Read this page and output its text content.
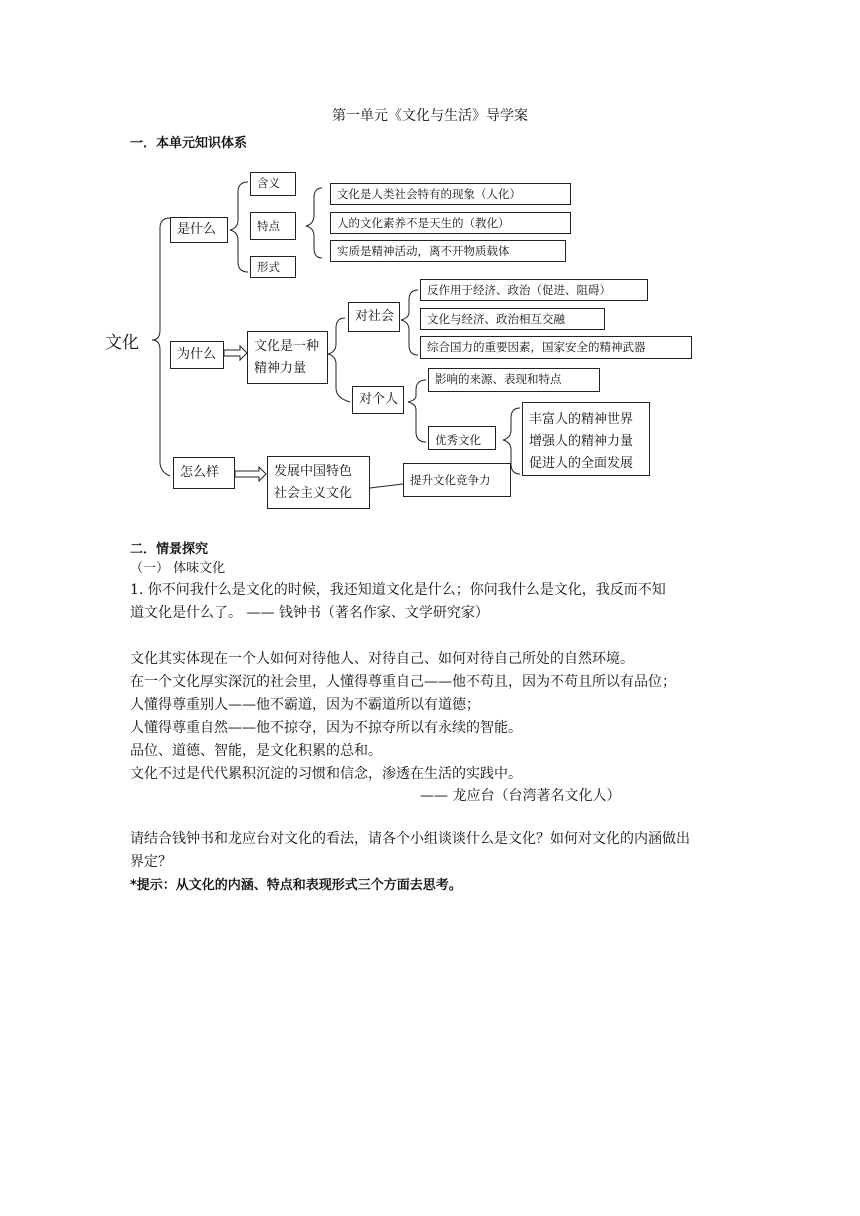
第一单元《文化与生活》导学案
一．本单元知识体系
文化
是什么
含义
特点
形式
文化是人类社会特有的现象（人化）
人的文化素养不是天生的（教化）
实质是精神活动，离不开物质载体
为什么
文化是一种
精神力量
对社会
反作用于经济、政治（促进、阻碍）
文化与经济、政治相互交融
综合国力的重要因素，国家安全的精神武器
对个人
影响的来源、表现和特点
优秀文化
丰富人的精神世界
增强人的精神力量
促进人的全面发展
怎么样	发展中国特色
社会主义文化
提升文化竞争力
二．情景探究
（一） 体味文化
1. 你不问我什么是文化的时候，我还知道文化是什么；你问我什么是文化，我反而不知
道文化是什么了。 —— 钱钟书（著名作家、文学研究家）
文化其实体现在一个人如何对待他人、对待自己、如何对待自己所处的自然环境。
在一个文化厚实深沉的社会里，人懂得尊重自己——他不苟且，因为不苟且所以有品位；
人懂得尊重别人——他不霸道，因为不霸道所以有道德；
人懂得尊重自然——他不掠夺，因为不掠夺所以有永续的智能。
品位、道德、智能，是文化积累的总和。
文化不过是代代累积沉淀的习惯和信念，渗透在生活的实践中。
—— 龙应台（台湾著名文化人）
请结合钱钟书和龙应台对文化的看法，请各个小组谈谈什么是文化？如何对文化的内涵做出
界定？
*提示：从文化的内涵、特点和表现形式三个方面去思考。
